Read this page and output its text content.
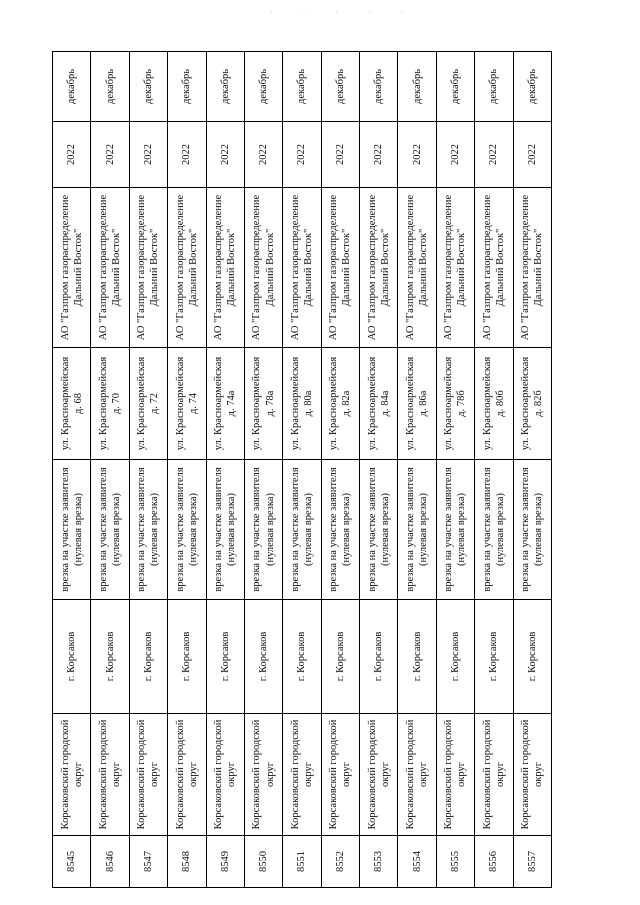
· · · · ·
8545	Корсаковский городской округ	г. Корсаков	врезка на участке заявителя (нулевая врезка)	ул. Красноармейская д. 68	АО "Газпром газораспределение Дальний Восток"	2022	декабрь
8546	Корсаковский городской округ	г. Корсаков	врезка на участке заявителя (нулевая врезка)	ул. Красноармейская д. 70	АО "Газпром газораспределение Дальний Восток"	2022	декабрь
8547	Корсаковский городской округ	г. Корсаков	врезка на участке заявителя (нулевая врезка)	ул. Красноармейская д. 72	АО "Газпром газораспределение Дальний Восток"	2022	декабрь
8548	Корсаковский городской округ	г. Корсаков	врезка на участке заявителя (нулевая врезка)	ул. Красноармейская д. 74	АО "Газпром газораспределение Дальний Восток"	2022	декабрь
8549	Корсаковский городской округ	г. Корсаков	врезка на участке заявителя (нулевая врезка)	ул. Красноармейская д. 74а	АО "Газпром газораспределение Дальний Восток"	2022	декабрь
8550	Корсаковский городской округ	г. Корсаков	врезка на участке заявителя (нулевая врезка)	ул. Красноармейская д. 78а	АО "Газпром газораспределение Дальний Восток"	2022	декабрь
8551	Корсаковский городской округ	г. Корсаков	врезка на участке заявителя (нулевая врезка)	ул. Красноармейская д. 80а	АО "Газпром газораспределение Дальний Восток"	2022	декабрь
8552	Корсаковский городской округ	г. Корсаков	врезка на участке заявителя (нулевая врезка)	ул. Красноармейская д. 82а	АО "Газпром газораспределение Дальний Восток"	2022	декабрь
8553	Корсаковский городской округ	г. Корсаков	врезка на участке заявителя (нулевая врезка)	ул. Красноармейская д. 84а	АО "Газпром газораспределение Дальний Восток"	2022	декабрь
8554	Корсаковский городской округ	г. Корсаков	врезка на участке заявителя (нулевая врезка)	ул. Красноармейская д. 86а	АО "Газпром газораспределение Дальний Восток"	2022	декабрь
8555	Корсаковский городской округ	г. Корсаков	врезка на участке заявителя (нулевая врезка)	ул. Красноармейская д. 78б	АО "Газпром газораспределение Дальний Восток"	2022	декабрь
8556	Корсаковский городской округ	г. Корсаков	врезка на участке заявителя (нулевая врезка)	ул. Красноармейская д. 80б	АО "Газпром газораспределение Дальний Восток"	2022	декабрь
8557	Корсаковский городской округ	г. Корсаков	врезка на участке заявителя (нулевая врезка)	ул. Красноармейская д. 82б	АО "Газпром газораспределение Дальний Восток"	2022	декабрь
